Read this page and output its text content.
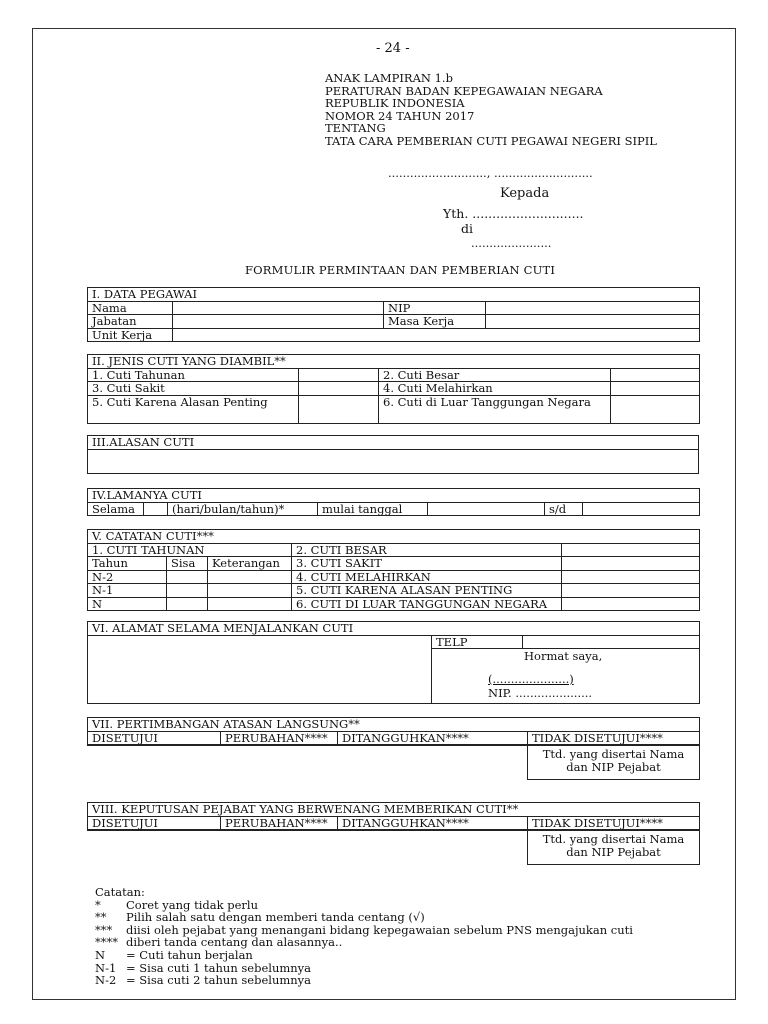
- 24 -
ANAK LAMPIRAN 1.b
PERATURAN BADAN KEPEGAWAIAN NEGARA
REPUBLIK INDONESIA
NOMOR 24 TAHUN 2017
TENTANG
TATA CARA PEMBERIAN CUTI PEGAWAI NEGERI SIPIL
..........................., ...........................
Kepada
Yth. ............................
di
......................
FORMULIR PERMINTAAN DAN PEMBERIAN CUTI
I. DATA PEGAWAI			
Nama		NIP	
Jabatan		Masa Kerja	
Unit Kerja			
II. JENIS CUTI YANG DIAMBIL**			
1. Cuti Tahunan		2. Cuti Besar	
3. Cuti Sakit		4. Cuti Melahirkan	
5. Cuti Karena Alasan Penting		6. Cuti di Luar Tanggungan Negara	
III.ALASAN CUTI

IV.LAMANYA CUTI
Selama		(hari/bulan/tahun)*	mulai tanggal		s/d	
V. CATATAN CUTI***				
1. CUTI TAHUNAN			2. CUTI BESAR	
Tahun	Sisa	Keterangan	3. CUTI SAKIT	
N-2			4. CUTI MELAHIRKAN	
N-1			5. CUTI KARENA ALASAN PENTING	
N			6. CUTI DI LUAR TANGGUNGAN NEGARA	
VI. ALAMAT SELAMA MENJALANKAN CUTI
	TELP	

Hormat saya,
(.....................)
NIP. .....................
VII. PERTIMBANGAN ATASAN LANGSUNG**			
DISETUJUI	PERUBAHAN****	DITANGGUHKAN****	TIDAK DISETUJUI****

			Ttd. yang disertai Nama dan NIP Pejabat
VIII. KEPUTUSAN PEJABAT YANG BERWENANG MEMBERIKAN CUTI**			
DISETUJUI	PERUBAHAN****	DITANGGUHKAN****	TIDAK DISETUJUI****

			Ttd. yang disertai Nama dan NIP Pejabat
Catatan:
* Coret yang tidak perlu
** Pilih salah satu dengan memberi tanda centang (√)
*** diisi oleh pejabat yang menangani bidang kepegawaian sebelum PNS mengajukan cuti
**** diberi tanda centang dan alasannya..
N = Cuti tahun berjalan
N-1 = Sisa cuti 1 tahun sebelumnya
N-2 = Sisa cuti 2 tahun sebelumnya
